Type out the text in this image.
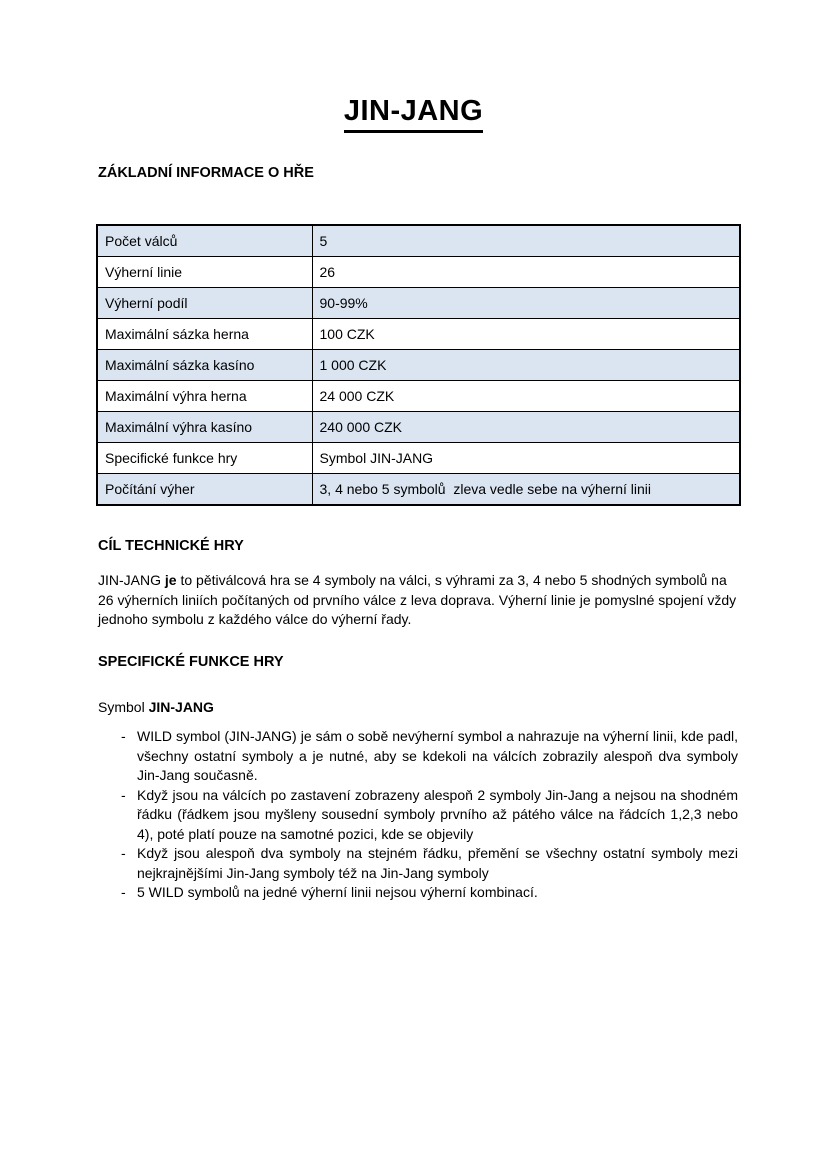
JIN-JANG
ZÁKLADNÍ INFORMACE O HŘE
Počet válců	5
Výherní linie	26
Výherní podíl	90-99%
Maximální sázka herna	100 CZK
Maximální sázka kasíno	1 000 CZK
Maximální výhra herna	24 000 CZK
Maximální výhra kasíno	240 000 CZK
Specifické funkce hry	Symbol JIN-JANG
Počítání výher	3, 4 nebo 5 symbolů  zleva vedle sebe na výherní linii
CÍL TECHNICKÉ HRY

JIN-JANG je to pětiválcová hra se 4 symboly na válci, s výhrami za 3, 4 nebo 5 shodných symbolů na 26 výherních liniích počítaných od prvního válce z leva doprava. Výherní linie je pomyslné spojení vždy jednoho symbolu z každého válce do výherní řady.

SPECIFICKÉ FUNKCE HRY

Symbol JIN-JANG

- WILD symbol (JIN-JANG) je sám o sobě nevýherní symbol a nahrazuje na výherní linii, kde padl, všechny ostatní symboly a je nutné, aby se kdekoli na válcích zobrazily alespoň dva symboly Jin-Jang současně.
- Když jsou na válcích po zastavení zobrazeny alespoň 2 symboly Jin-Jang a nejsou na shodném řádku (řádkem jsou myšleny sousední symboly prvního až pátého válce na řádcích 1,2,3 nebo 4), poté platí pouze na samotné pozici, kde se objevily
- Když jsou alespoň dva symboly na stejném řádku, přemění se všechny ostatní symboly mezi nejkrajnějšími Jin-Jang symboly též na Jin-Jang symboly
- 5 WILD symbolů na jedné výherní linii nejsou výherní kombinací.
